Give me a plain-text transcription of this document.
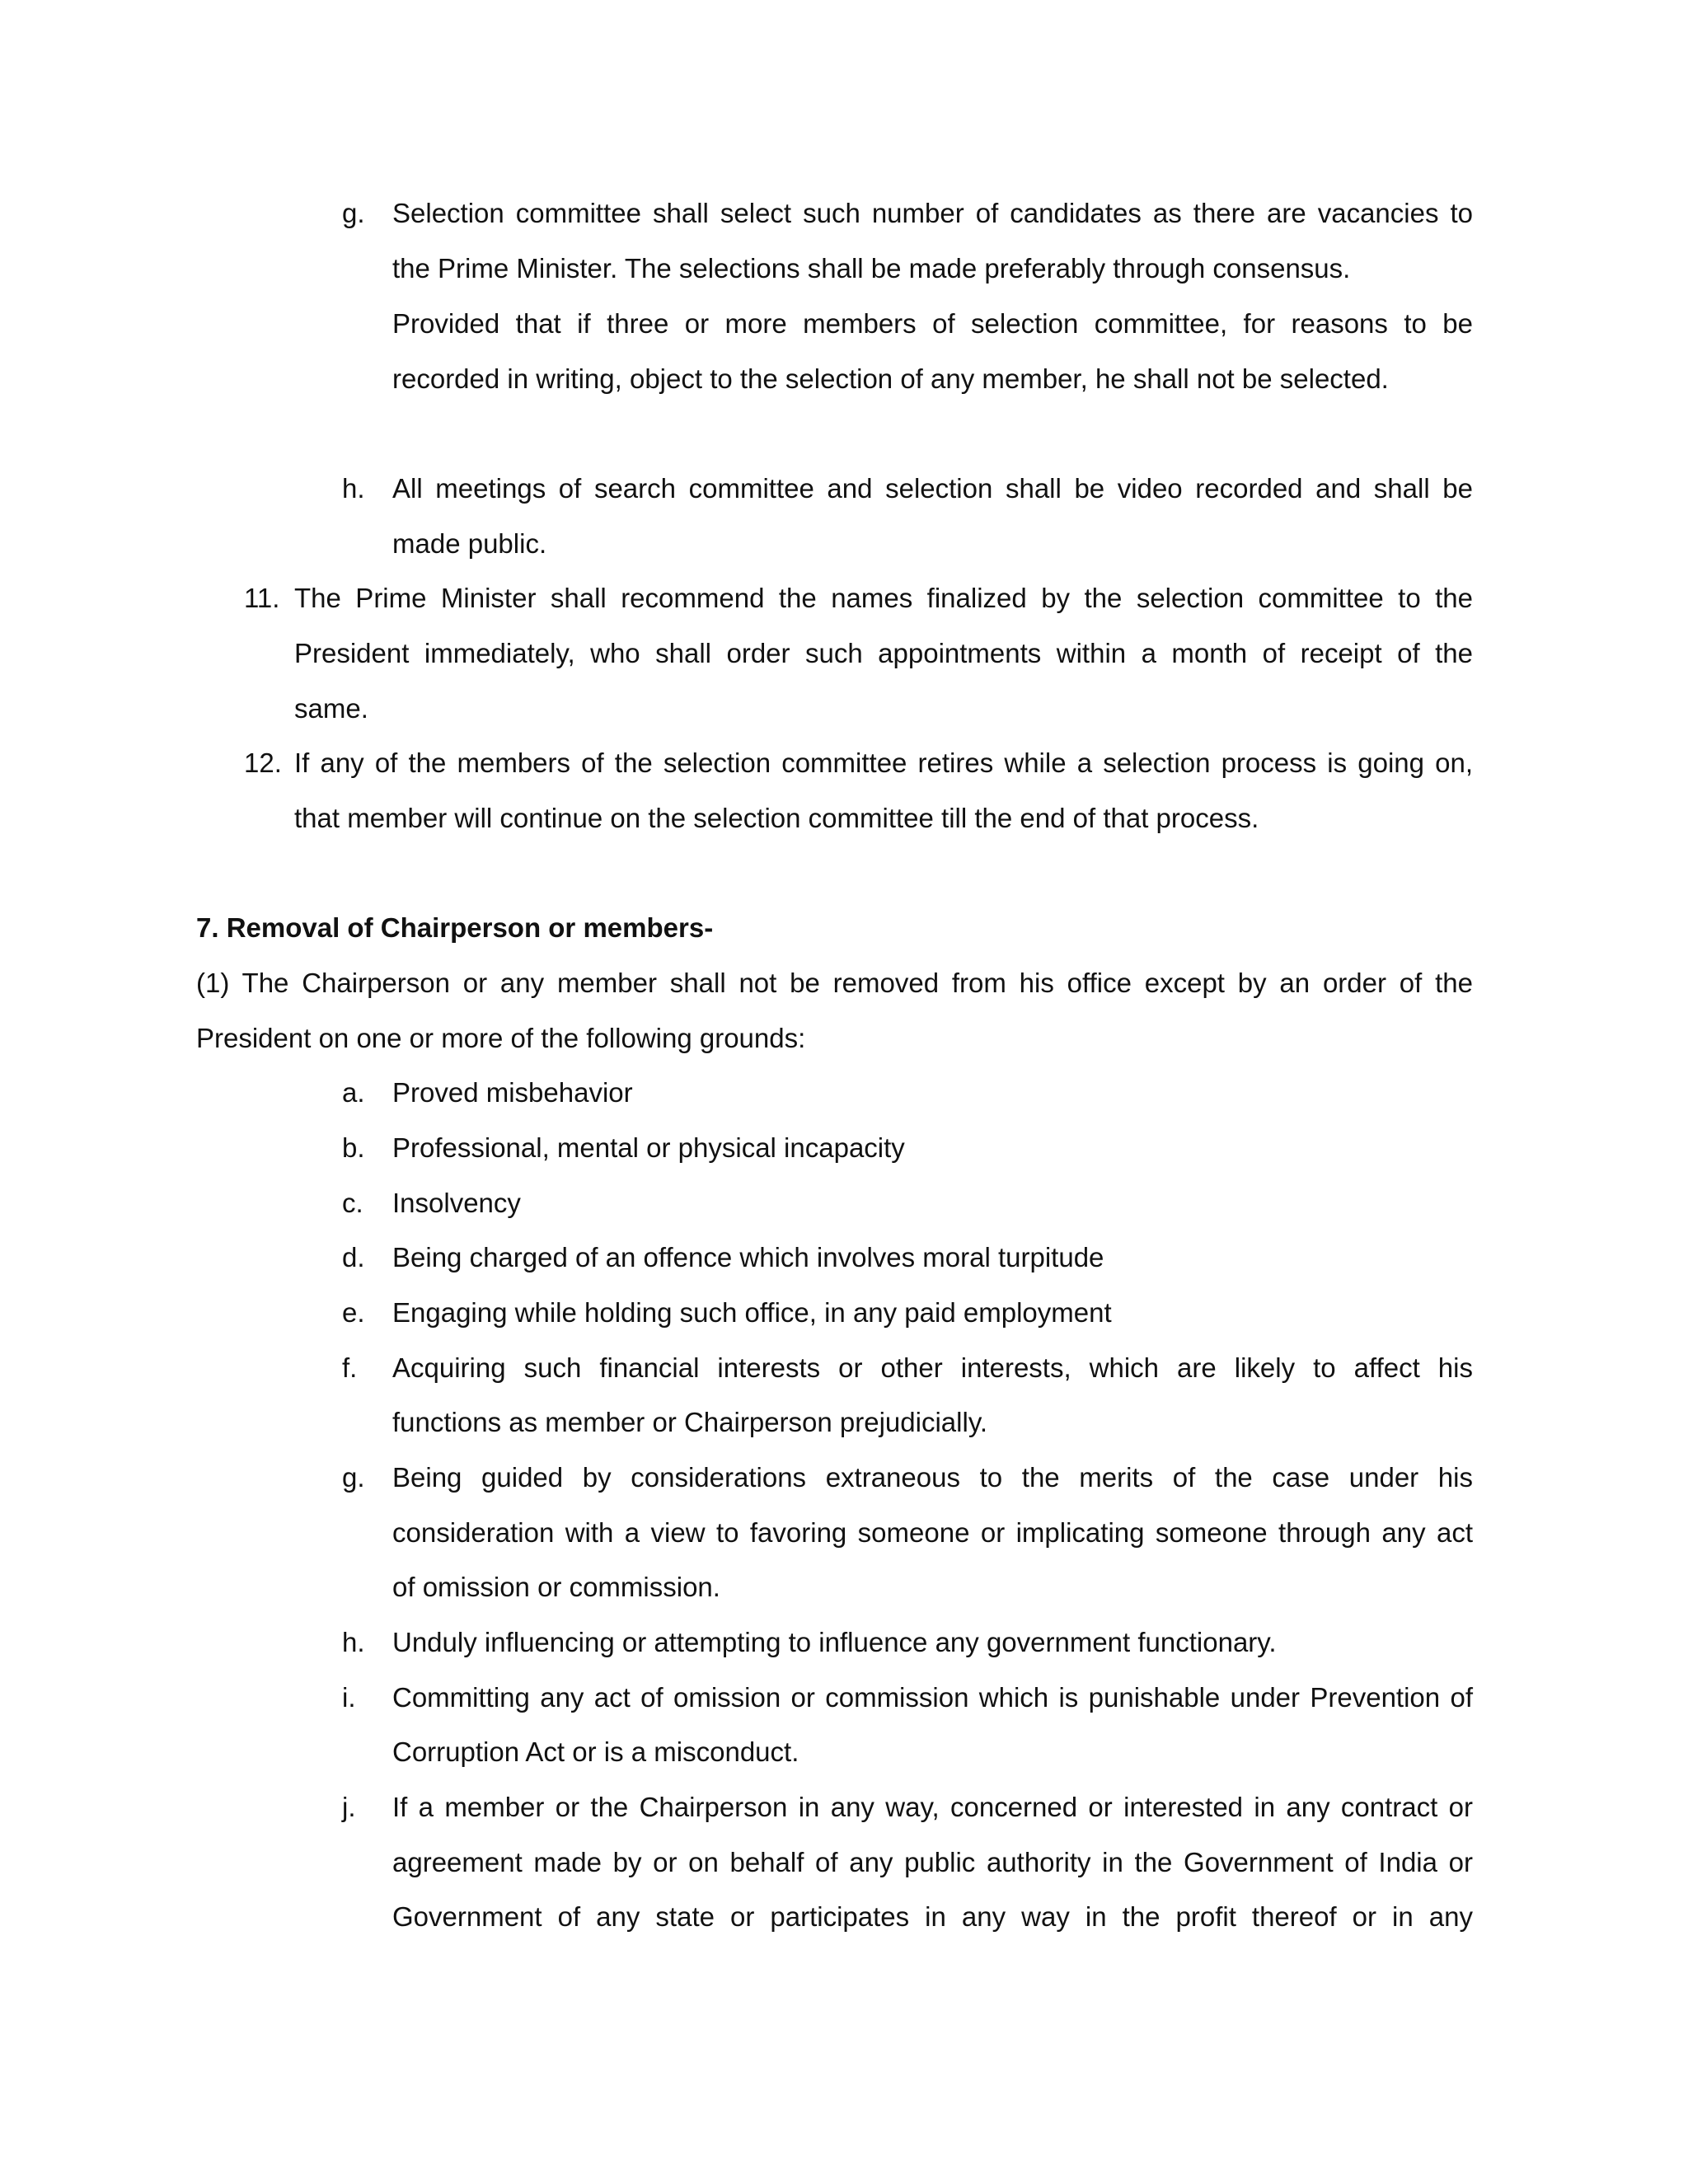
g. Selection committee shall select such number of candidates as there are vacancies to
the Prime Minister. The selections shall be made preferably through consensus.
Provided that if three or more members of selection committee, for reasons to be
recorded in writing, object to the selection of any member, he shall not be selected.
h. All meetings of search committee and selection shall be video recorded and shall be
made public.
11. The Prime Minister shall recommend the names finalized by the selection committee to the
President immediately, who shall order such appointments within a month of receipt of the
same.
12. If any of the members of the selection committee retires while a selection process is going on,
that member will continue on the selection committee till the end of that process.
7. Removal of Chairperson or members-
(1) The Chairperson or any member shall not be removed from his office except by an order of the
President on one or more of the following grounds:
a. Proved misbehavior
b. Professional, mental or physical incapacity
c. Insolvency
d. Being charged of an offence which involves moral turpitude
e. Engaging while holding such office, in any paid employment
f. Acquiring such financial interests or other interests, which are likely to affect his
functions as member or Chairperson prejudicially.
g. Being guided by considerations extraneous to the merits of the case under his
consideration with a view to favoring someone or implicating someone through any act
of omission or commission.
h. Unduly influencing or attempting to influence any government functionary.
i. Committing any act of omission or commission which is punishable under Prevention of
Corruption Act or is a misconduct.
j. If a member or the Chairperson in any way, concerned or interested in any contract or
agreement made by or on behalf of any public authority in the Government of India or
Government of any state or participates in any way in the profit thereof or in any
